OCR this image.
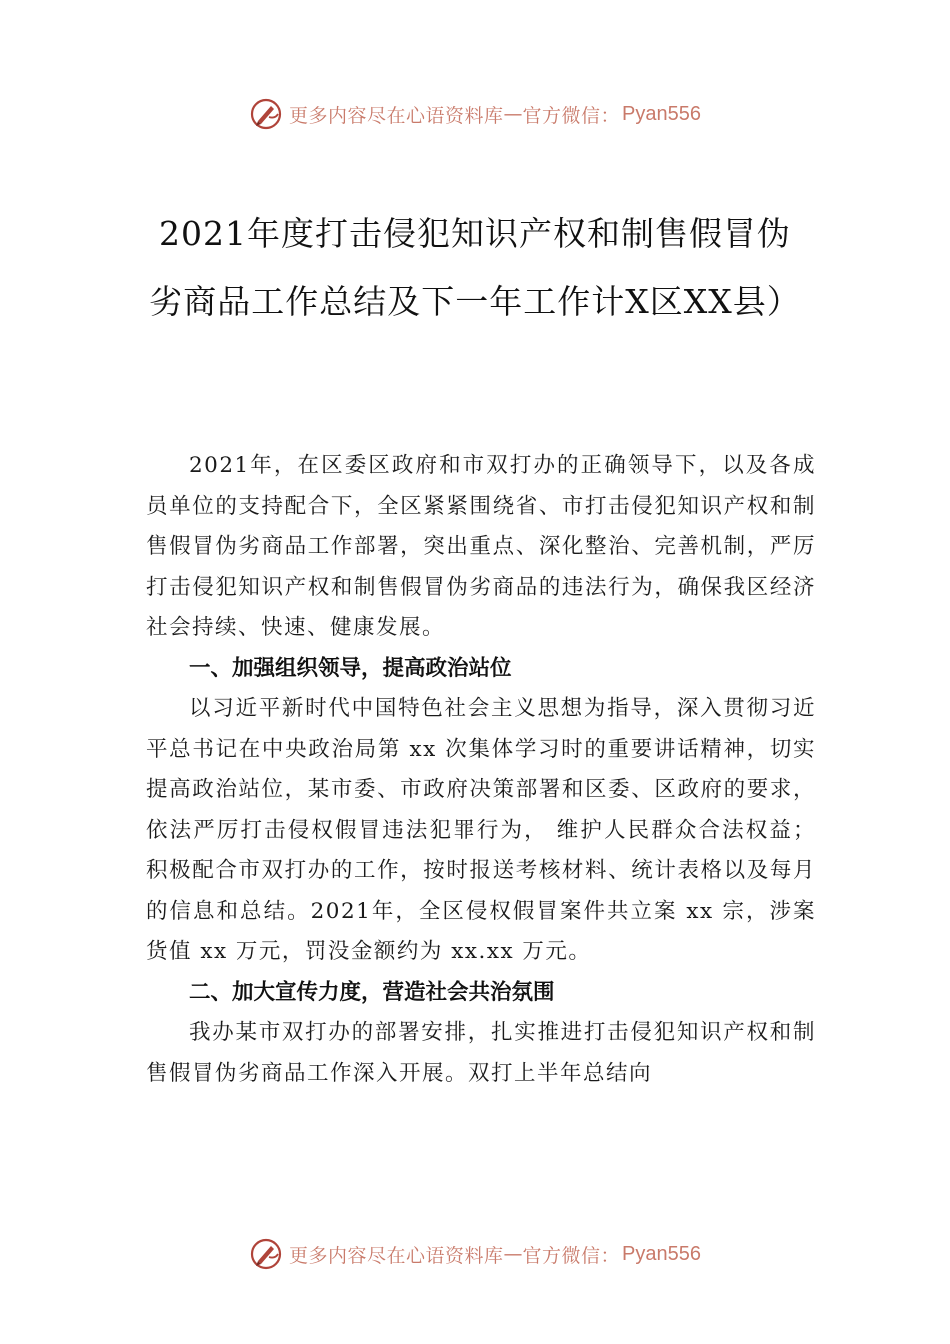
更多内容尽在心语资料库 — 官方微信： Pyan556
2021年度打击侵犯知识产权和制售假冒伪劣商品工作总结及下一年工作计X区XX县）

2021年，在区委区政府和市双打办的正确领导下，以及各成员单位的支持配合下，全区紧紧围绕省、市打击侵犯知识产权和制售假冒伪劣商品工作部署，突出重点、深化整治、完善机制，严厉打击侵犯知识产权和制售假冒伪劣商品的违法行为，确保我区经济社会持续、快速、健康发展。

一、加强组织领导，提高政治站位

以习近平新时代中国特色社会主义思想为指导，深入贯彻习近平总书记在中央政治局第 xx 次集体学习时的重要讲话精神，切实提高政治站位，某市委、市政府决策部署和区委、区政府的要求，依法严厉打击侵权假冒违法犯罪行为， 维护人民群众合法权益；积极配合市双打办的工作，按时报送考核材料、统计表格以及每月的信息和总结。2021年，全区侵权假冒案件共立案 xx 宗，涉案货值 xx 万元，罚没金额约为 xx.xx 万元。

二、加大宣传力度，营造社会共治氛围

我办某市双打办的部署安排，扎实推进打击侵犯知识产权和制售假冒伪劣商品工作深入开展。双打上半年总结向

更多内容尽在心语资料库 — 官方微信： Pyan556
